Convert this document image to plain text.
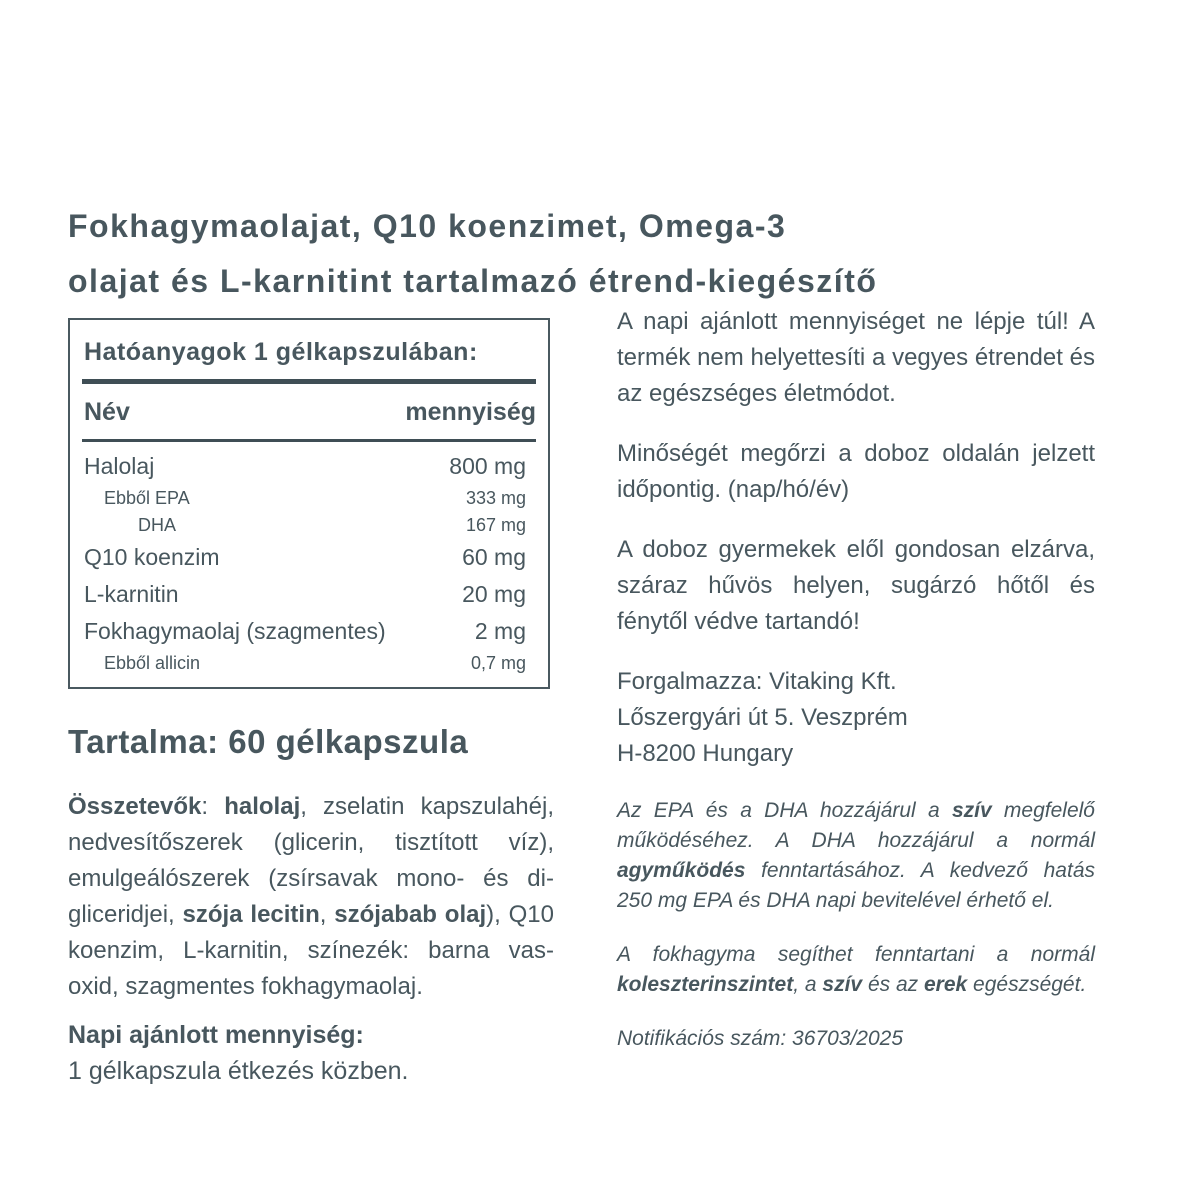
Fokhagymaolajat, Q10 koenzimet, Omega-3
olajat és L-karnitint tartalmazó étrend-kiegészítő
Hatóanyagok 1 gélkapszulában:
Név	mennyiség
Halolaj	800 mg
Ebből EPA	333 mg
DHA	167 mg
Q10 koenzim	60 mg
L-karnitin	20 mg
Fokhagymaolaj (szagmentes)	2 mg
Ebből allicin	0,7 mg
Tartalma: 60 gélkapszula

Összetevők: halolaj, zselatin kapszulahéj, nedvesítőszerek (glicerin, tisztított víz), emulgeálószerek (zsírsavak mono- és digliceridjei, szója lecitin, szójabab olaj), Q10 koenzim, L-karnitin, színezék: barna vas-oxid, szagmentes fokhagymaolaj.

Napi ajánlott mennyiség:
1 gélkapszula étkezés közben.

A napi ajánlott mennyiséget ne lépje túl! A termék nem helyettesíti a vegyes étrendet és az egészséges életmódot.

Minőségét megőrzi a doboz oldalán jelzett időpontig. (nap/hó/év)

A doboz gyermekek elől gondosan elzárva, száraz hűvös helyen, sugárzó hőtől és fénytől védve tartandó!

Forgalmazza: Vitaking Kft.
Lőszergyári út 5. Veszprém
H-8200 Hungary

Az EPA és a DHA hozzájárul a szív megfelelő működéséhez. A DHA hozzájárul a normál agyműködés fenntartásához. A kedvező hatás 250 mg EPA és DHA napi bevitelével érhető el.

A fokhagyma segíthet fenntartani a normál koleszterinszintet, a szív és az erek egészségét.

Notifikációs szám: 36703/2025
